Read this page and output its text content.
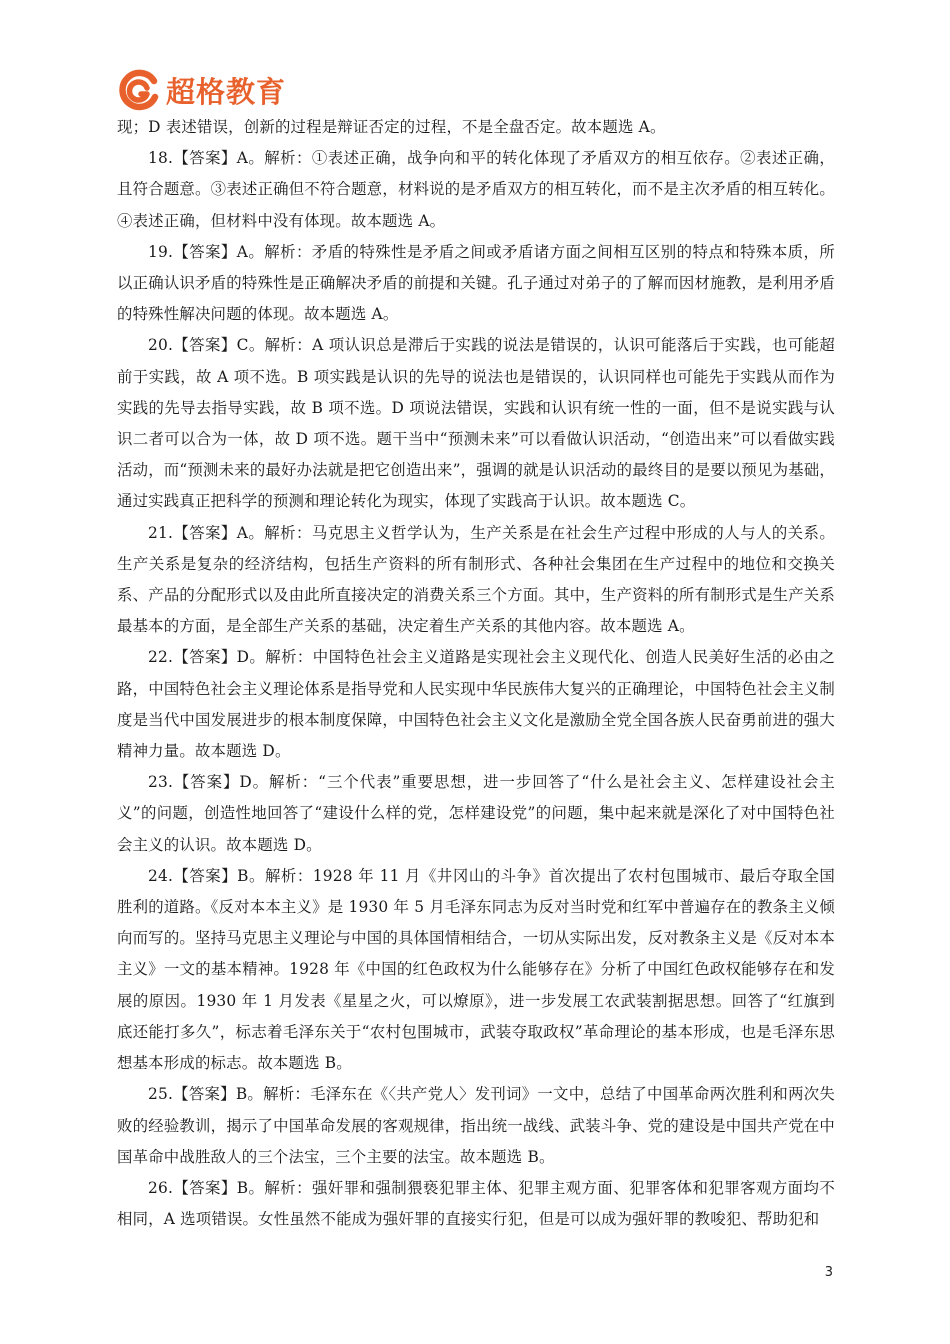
超格教育

现；D 表述错误，创新的过程是辩证否定的过程，不是全盘否定。故本题选 A。

18.【答案】A。解析：①表述正确，战争向和平的转化体现了矛盾双方的相互依存。②表述正确，且符合题意。③表述正确但不符合题意，材料说的是矛盾双方的相互转化，而不是主次矛盾的相互转化。④表述正确，但材料中没有体现。故本题选 A。

19.【答案】A。解析：矛盾的特殊性是矛盾之间或矛盾诸方面之间相互区别的特点和特殊本质，所以正确认识矛盾的特殊性是正确解决矛盾的前提和关键。孔子通过对弟子的了解而因材施教，是利用矛盾的特殊性解决问题的体现。故本题选 A。

20.【答案】C。解析：A 项认识总是滞后于实践的说法是错误的，认识可能落后于实践，也可能超前于实践，故 A 项不选。B 项实践是认识的先导的说法也是错误的，认识同样也可能先于实践从而作为实践的先导去指导实践，故 B 项不选。D 项说法错误，实践和认识有统一性的一面，但不是说实践与认识二者可以合为一体，故 D 项不选。题干当中“预测未来”可以看做认识活动，“创造出来”可以看做实践活动，而“预测未来的最好办法就是把它创造出来”，强调的就是认识活动的最终目的是要以预见为基础，通过实践真正把科学的预测和理论转化为现实，体现了实践高于认识。故本题选 C。

21.【答案】A。解析：马克思主义哲学认为，生产关系是在社会生产过程中形成的人与人的关系。生产关系是复杂的经济结构，包括生产资料的所有制形式、各种社会集团在生产过程中的地位和交换关系、产品的分配形式以及由此所直接决定的消费关系三个方面。其中，生产资料的所有制形式是生产关系最基本的方面，是全部生产关系的基础，决定着生产关系的其他内容。故本题选 A。

22.【答案】D。解析：中国特色社会主义道路是实现社会主义现代化、创造人民美好生活的必由之路，中国特色社会主义理论体系是指导党和人民实现中华民族伟大复兴的正确理论，中国特色社会主义制度是当代中国发展进步的根本制度保障，中国特色社会主义文化是激励全党全国各族人民奋勇前进的强大精神力量。故本题选 D。

23.【答案】D。解析：“三个代表”重要思想，进一步回答了“什么是社会主义、怎样建设社会主义”的问题，创造性地回答了“建设什么样的党，怎样建设党”的问题，集中起来就是深化了对中国特色社会主义的认识。故本题选 D。

24.【答案】B。解析：1928 年 11 月《井冈山的斗争》首次提出了农村包围城市、最后夺取全国胜利的道路。《反对本本主义》是 1930 年 5 月毛泽东同志为反对当时党和红军中普遍存在的教条主义倾向而写的。坚持马克思主义理论与中国的具体国情相结合，一切从实际出发，反对教条主义是《反对本本主义》一文的基本精神。1928 年《中国的红色政权为什么能够存在》分析了中国红色政权能够存在和发展的原因。1930 年 1 月发表《星星之火，可以燎原》，进一步发展工农武装割据思想。回答了“红旗到底还能打多久”，标志着毛泽东关于“农村包围城市，武装夺取政权”革命理论的基本形成，也是毛泽东思想基本形成的标志。故本题选 B。

25.【答案】B。解析：毛泽东在《〈共产党人〉发刊词》一文中，总结了中国革命两次胜利和两次失败的经验教训，揭示了中国革命发展的客观规律，指出统一战线、武装斗争、党的建设是中国共产党在中国革命中战胜敌人的三个法宝，三个主要的法宝。故本题选 B。

26.【答案】B。解析：强奸罪和强制猥亵犯罪主体、犯罪主观方面、犯罪客体和犯罪客观方面均不相同，A 选项错误。女性虽然不能成为强奸罪的直接实行犯，但是可以成为强奸罪的教唆犯、帮助犯和

3
